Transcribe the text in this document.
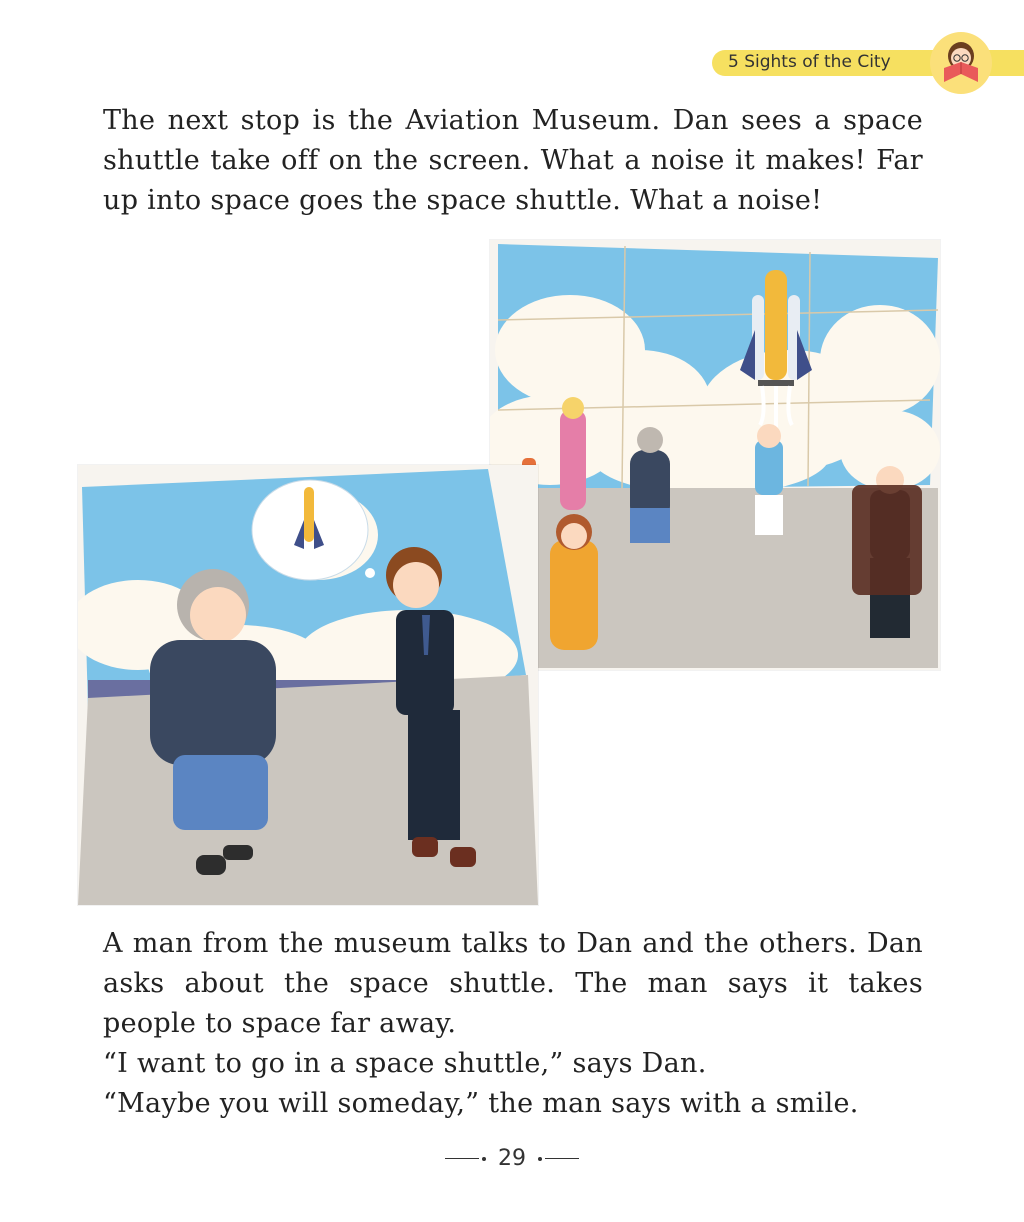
5 Sights of the City

The next stop is the Aviation Museum. Dan sees a space shuttle take off on the screen. What a noise it makes! Far up into space goes the space shuttle. What a noise!

A man from the museum talks to Dan and the others. Dan asks about the space shuttle. The man says it takes people to space far away.

“I want to go in a space shuttle,” says Dan.

“Maybe you will someday,” the man says with a smile.

29
